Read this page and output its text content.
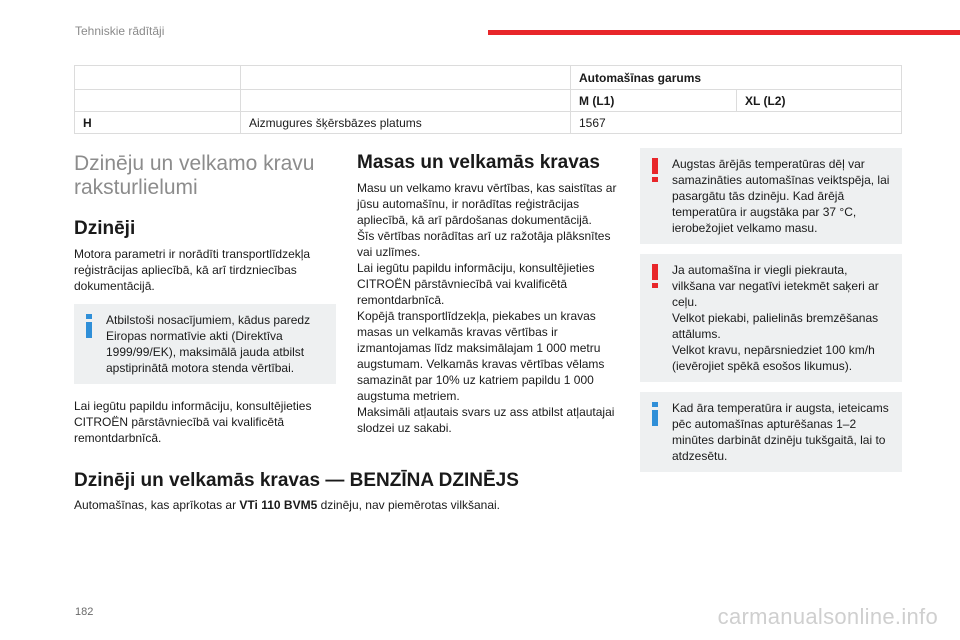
Tehniskie rādītāji
		Automašīnas garums	
		M (L1)	XL (L2)
H	Aizmugures šķērsbāzes platums	1567	
Dzinēju un velkamo kravu raksturlielumi
Dzinēji
Motora parametri ir norādīti transportlīdzekļa reģistrācijas apliecībā, kā arī tirdzniecības dokumentācijā.
Atbilstoši nosacījumiem, kādus paredz
Eiropas normatīvie akti (Direktīva 1999/99/EK), maksimālā jauda atbilst apstiprinātā motora stenda vērtībai.
Lai iegūtu papildu informāciju, konsultējieties CITROËN pārstāvniecībā vai kvalificētā remontdarbnīcā.
Masas un velkamās kravas
Masu un velkamo kravu vērtības, kas saistītas ar jūsu automašīnu, ir norādītas reģistrācijas apliecībā, kā arī pārdošanas dokumentācijā.
Šīs vērtības norādītas arī uz ražotāja plāksnītes vai uzlīmes.
Lai iegūtu papildu informāciju, konsultējieties CITROËN pārstāvniecībā vai kvalificētā remontdarbnīcā.
Kopējā transportlīdzekļa, piekabes un kravas masas un velkamās kravas vērtības ir izmantojamas līdz maksimālajam 1 000 metru augstumam. Velkamās kravas vērtības vēlams samazināt par 10% uz katriem papildu 1 000 augstuma metriem.
Maksimāli atļautais svars uz ass atbilst atļautajai slodzei uz sakabi.
Augstas ārējās temperatūras dēļ var
samazināties automašīnas veiktspēja, lai pasargātu tās dzinēju. Kad ārējā temperatūra ir augstāka par 37 °C, ierobežojiet velkamo masu.
Ja automašīna ir viegli piekrauta,
vilkšana var negatīvi ietekmēt saķeri ar ceļu.
Velkot piekabi, palielinās bremzēšanas attālums.
Velkot kravu, nepārsniedziet 100 km/h (ievērojiet spēkā esošos likumus).
Kad āra temperatūra ir augsta, ieteicams
pēc automašīnas apturēšanas 1–2 minūtes darbināt dzinēju tukšgaitā, lai to atdzesētu.
Dzinēji un velkamās kravas — BENZĪNA DZINĒJS
Automašīnas, kas aprīkotas ar VTi 110 BVM5 dzinēju, nav piemērotas vilkšanai.
182	carmanualsonline.info
